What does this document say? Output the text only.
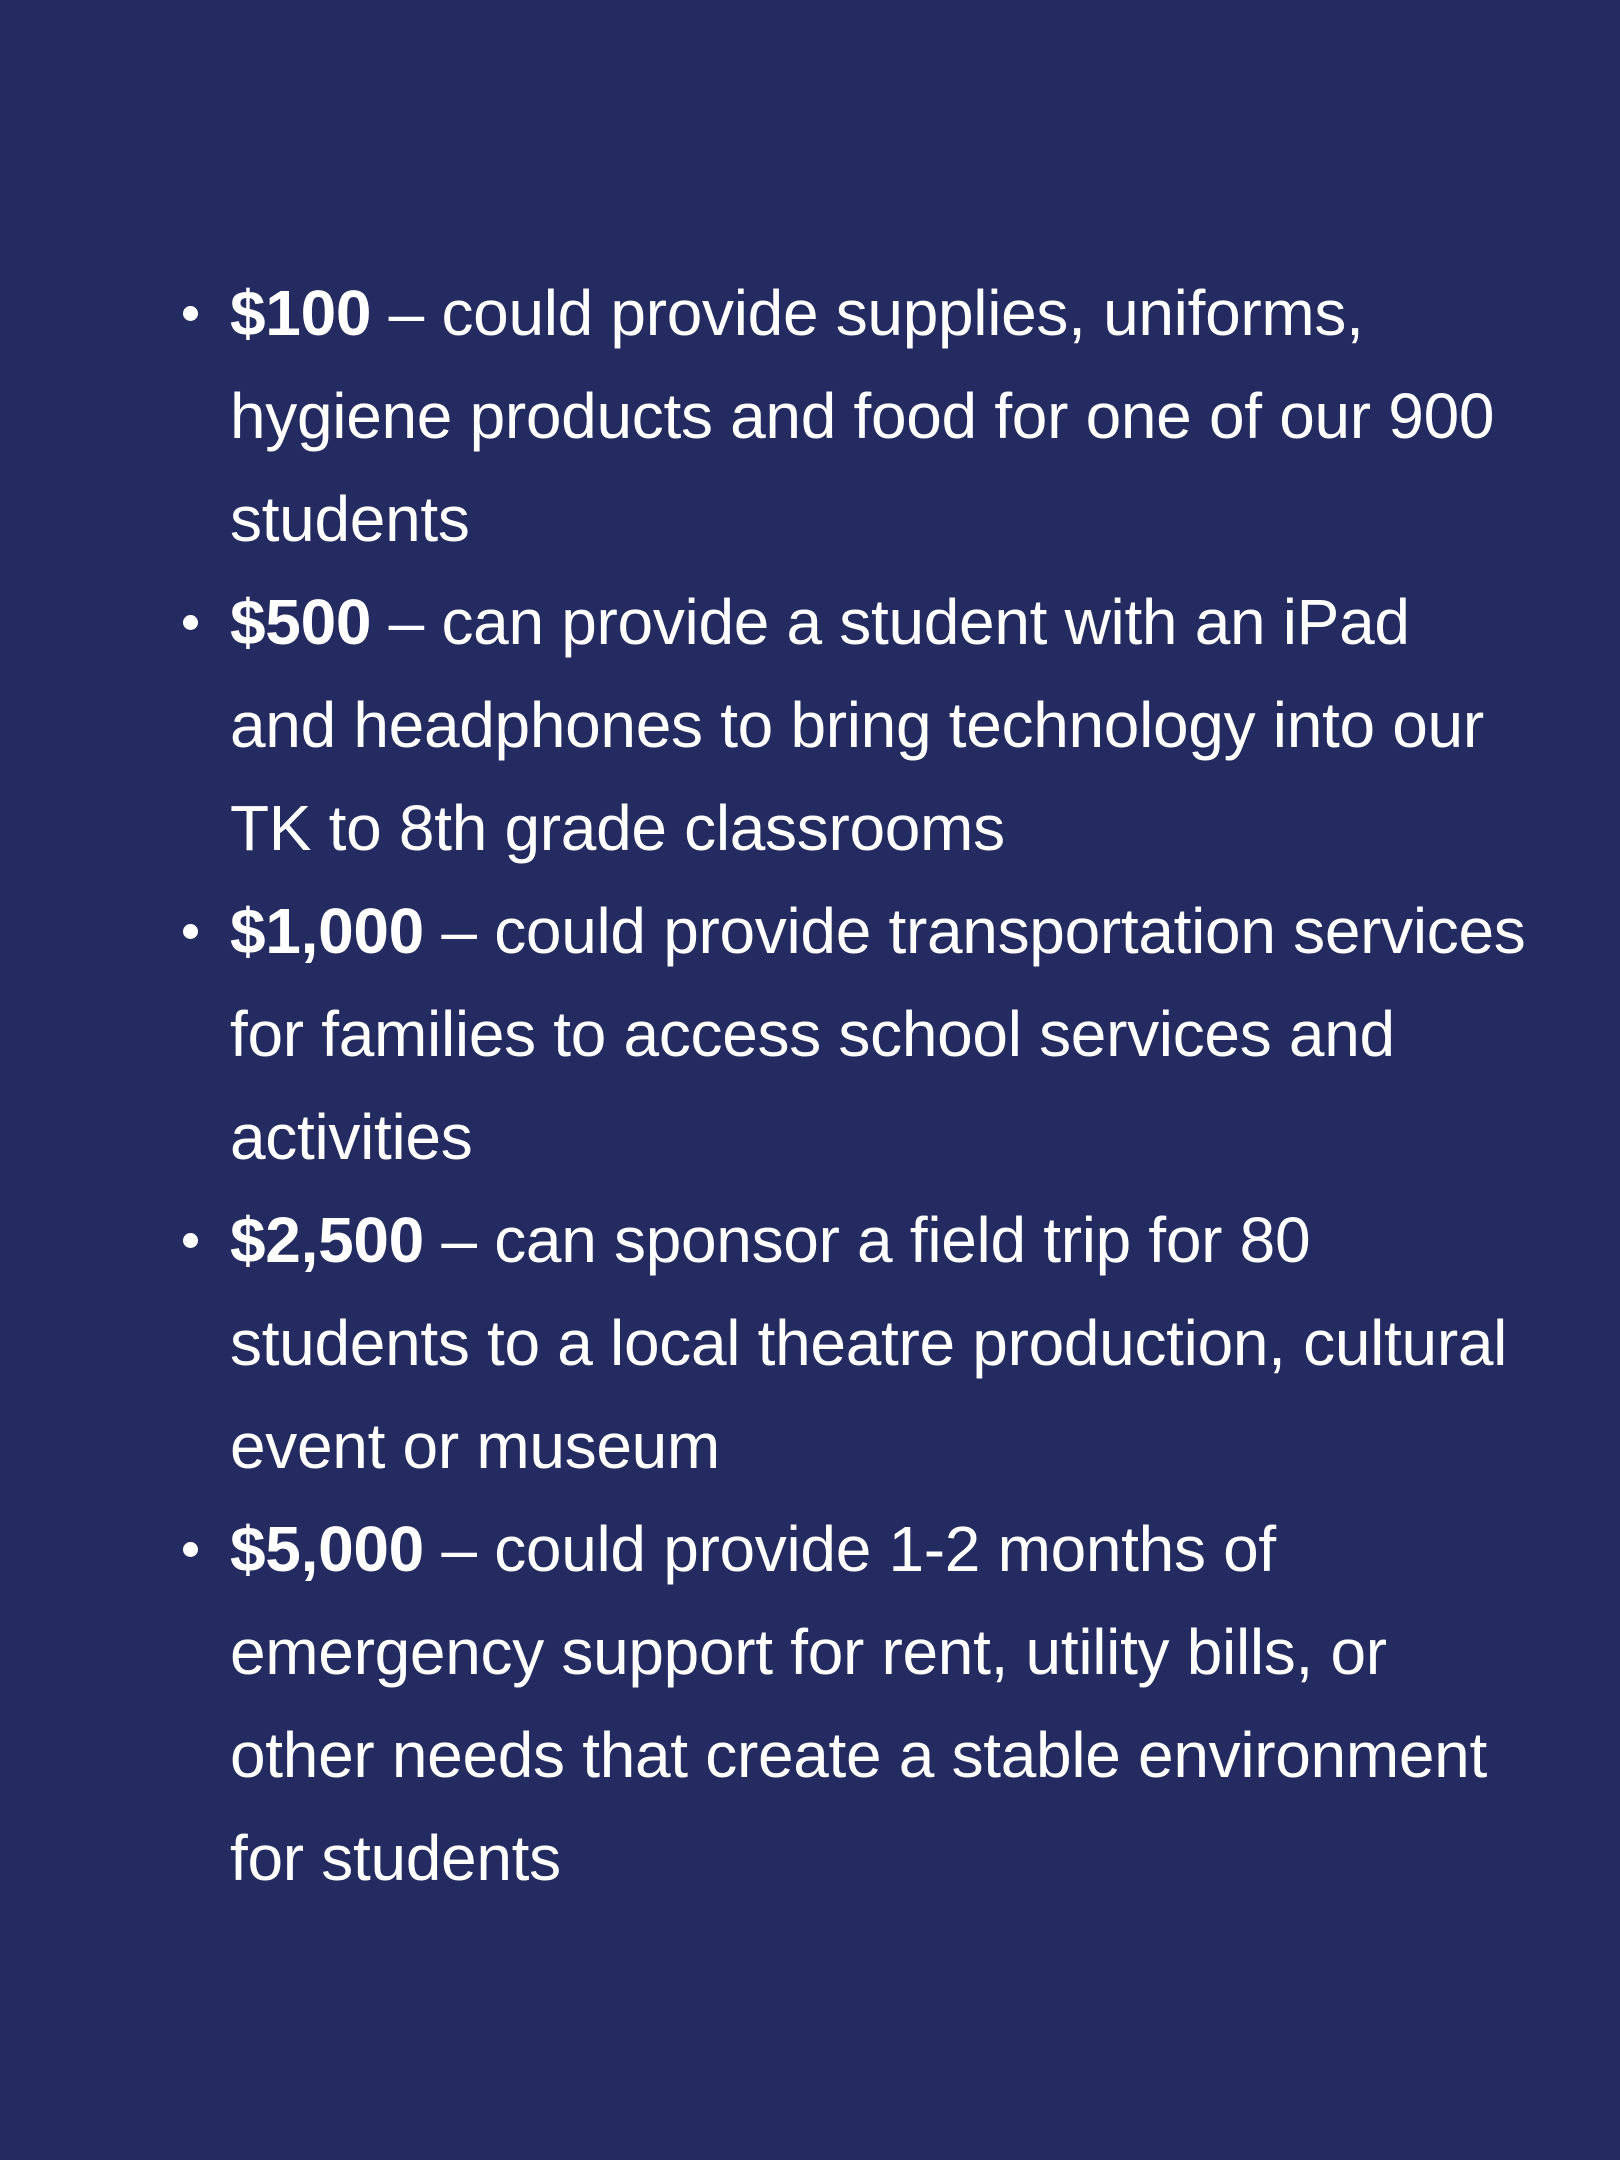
$100 – could provide supplies, uniforms, hygiene products and food for one of our 900 students
$500 – can provide a student with an iPad and headphones to bring technology into our TK to 8th grade classrooms
$1,000 – could provide transportation services for families to access school services and activities
$2,500 – can sponsor a field trip for 80 students to a local theatre production, cultural event or museum
$5,000 – could provide 1-2 months of emergency support for rent, utility bills, or other needs that create a stable environment for students
